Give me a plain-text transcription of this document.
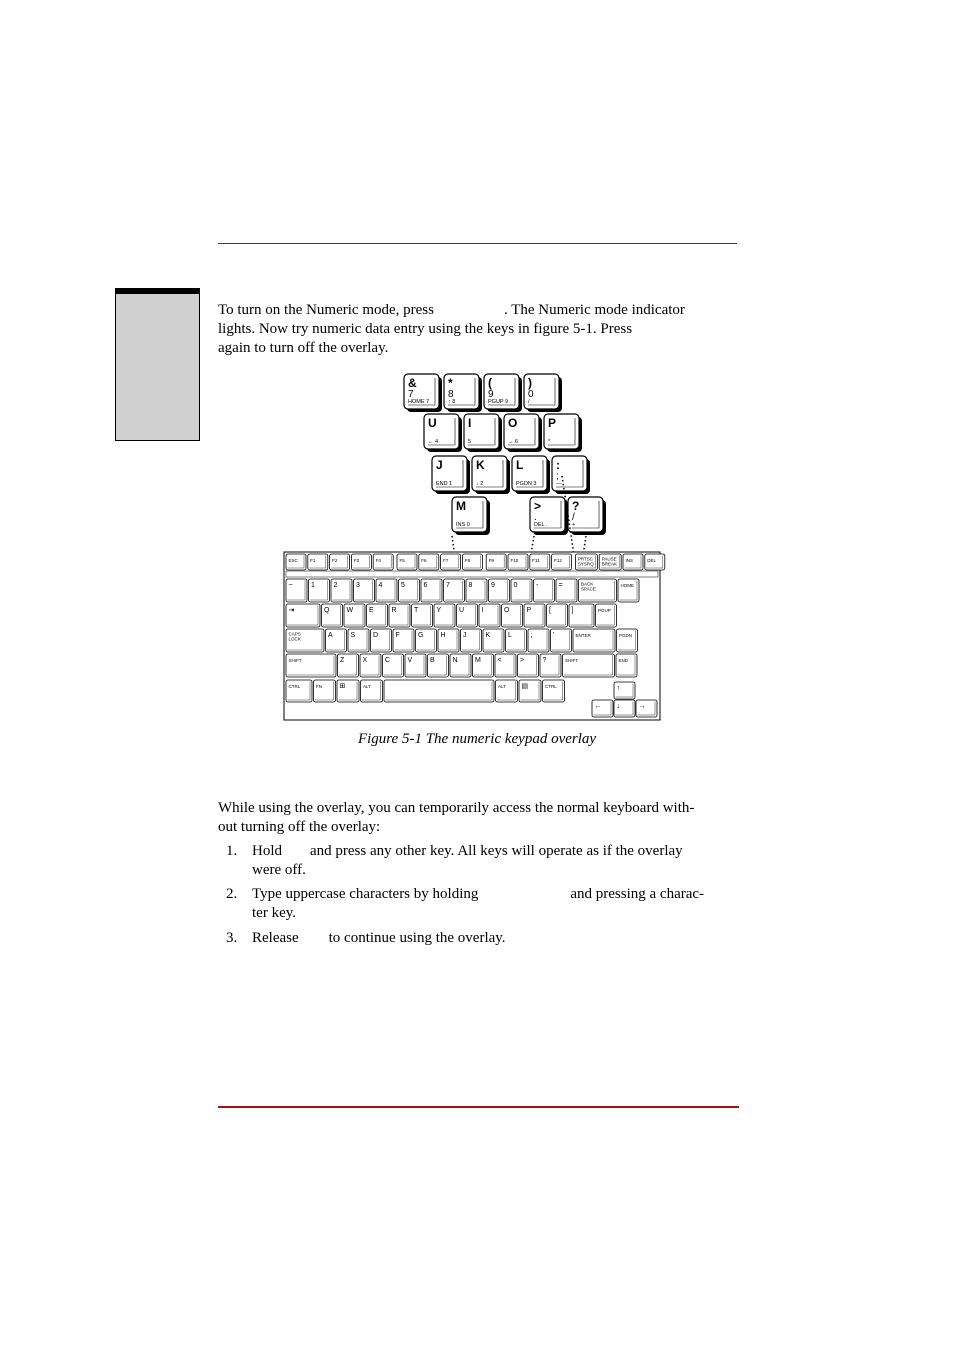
To turn on the Numeric mode, press	. The Numeric mode indicator
lights. Now try numeric data entry using the keys in figure 5-1. Press
again to turn off the overlay.
&
7
HOME 7
*
8
↑ 8
(
9
PGUP 9
)
0
/
U
← 4
I
5
O
→ 6
P
*
J
END 1
K
↓ 2
L
PGDN 3
:
;
—
M
INS 0
>
.
DEL .
?
/
+
ESC	F1	F2	F3	F4	F5	F6	F7	F8	F9	F10	F11	F12	PRTSC
SYSRQ
PAUSE
BREAK
INS	DEL
~	1	2	3	4	5	6	7	8	9	0	-	=	BACK
SPACE
HOME
⇥	Q W E	R T	Y	U I	O P	[	]	PGUP
CAPS
LOCK	A	S	D F	G H J	K	L	;	'	ENTER	PGDN
SHIFT	Z	X	C V	B	N M <	>	?	SHIFT	END
CTRL	FN	⊞	ALT	ALT ▤	CTRL	↑
← ↓	→
Figure 5-1 The numeric keypad overlay
While using the overlay, you can temporarily access the normal keyboard with-
out turning off the overlay:
1. Hold and press any other key. All keys will operate as if the overlay
were off.
2. Type uppercase characters by holding	and pressing a charac-
ter key.
3. Release to continue using the overlay.
